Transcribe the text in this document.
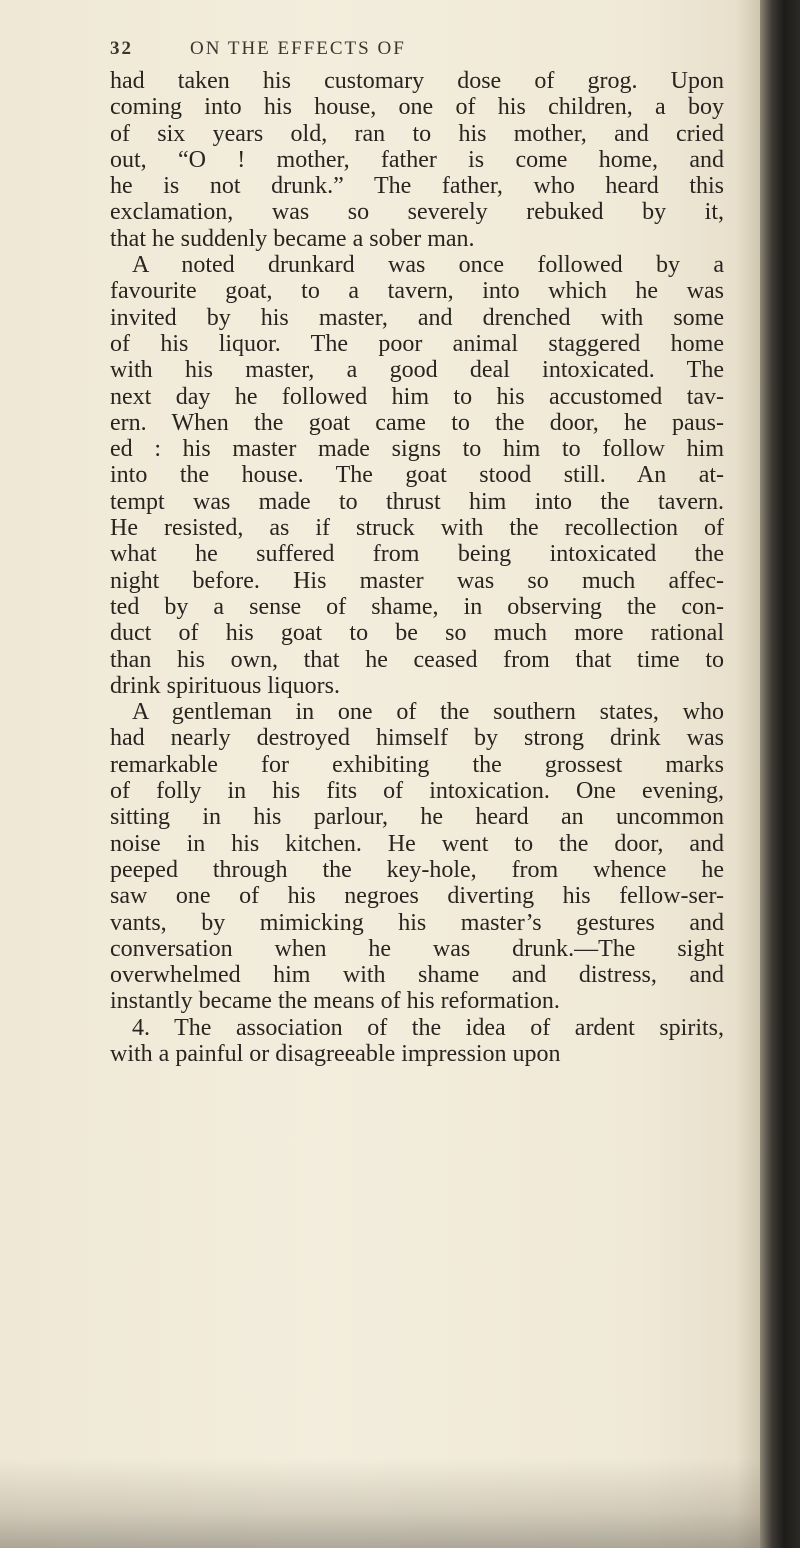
32	ON THE EFFECTS OF
had taken his customary dose of grog. Upon
coming into his house, one of his children, a boy
of six years old, ran to his mother, and cried
out, “O ! mother, father is come home, and
he is not drunk.” The father, who heard this
exclamation, was so severely rebuked by it,
that he suddenly became a sober man.
A noted drunkard was once followed by a
favourite goat, to a tavern, into which he was
invited by his master, and drenched with some
of his liquor. The poor animal staggered home
with his master, a good deal intoxicated. The
next day he followed him to his accustomed tav-
ern. When the goat came to the door, he paus-
ed : his master made signs to him to follow him
into the house. The goat stood still. An at-
tempt was made to thrust him into the tavern.
He resisted, as if struck with the recollection of
what he suffered from being intoxicated the
night before. His master was so much affec-
ted by a sense of shame, in observing the con-
duct of his goat to be so much more rational
than his own, that he ceased from that time to
drink spirituous liquors.
A gentleman in one of the southern states, who
had nearly destroyed himself by strong drink was
remarkable for exhibiting the grossest marks
of folly in his fits of intoxication. One evening,
sitting in his parlour, he heard an uncommon
noise in his kitchen. He went to the door, and
peeped through the key-hole, from whence he
saw one of his negroes diverting his fellow-ser-
vants, by mimicking his master’s gestures and
conversation when he was drunk.—The sight
overwhelmed him with shame and distress, and
instantly became the means of his reformation.
4. The association of the idea of ardent spirits,
with a painful or disagreeable impression upon
